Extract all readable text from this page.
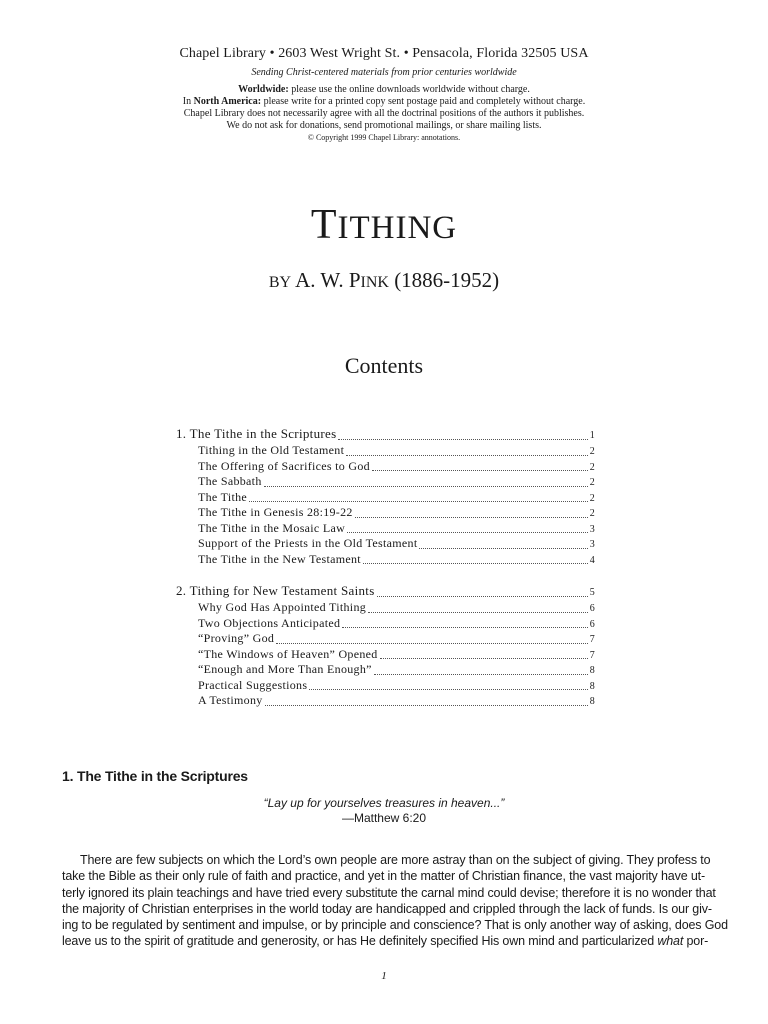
Chapel Library • 2603 West Wright St. • Pensacola, Florida 32505 USA
Sending Christ-centered materials from prior centuries worldwide
Worldwide: please use the online downloads worldwide without charge.
In North America: please write for a printed copy sent postage paid and completely without charge.
Chapel Library does not necessarily agree with all the doctrinal positions of the authors it publishes.
We do not ask for donations, send promotional mailings, or share mailing lists.
© Copyright 1999 Chapel Library: annotations.
TITHING
BY A. W. PINK (1886-1952)
Contents
1. The Tithe in the Scriptures	1
Tithing in the Old Testament	2
The Offering of Sacrifices to God	2
The Sabbath	2
The Tithe	2
The Tithe in Genesis 28:19-22	2
The Tithe in the Mosaic Law	3
Support of the Priests in the Old Testament	3
The Tithe in the New Testament	4
2. Tithing for New Testament Saints	5
Why God Has Appointed Tithing	6
Two Objections Anticipated	6
“Proving” God	7
“The Windows of Heaven” Opened	7
“Enough and More Than Enough”	8
Practical Suggestions	8
A Testimony	8
1. The Tithe in the Scriptures
“Lay up for yourselves treasures in heaven...”
—Matthew 6:20
There are few subjects on which the Lord’s own people are more astray than on the subject of giving. They profess to
take the Bible as their only rule of faith and practice, and yet in the matter of Christian finance, the vast majority have ut-
terly ignored its plain teachings and have tried every substitute the carnal mind could devise; therefore it is no wonder that
the majority of Christian enterprises in the world today are handicapped and crippled through the lack of funds. Is our giv-
ing to be regulated by sentiment and impulse, or by principle and conscience? That is only another way of asking, does God
leave us to the spirit of gratitude and generosity, or has He definitely specified His own mind and particularized what por-
1
